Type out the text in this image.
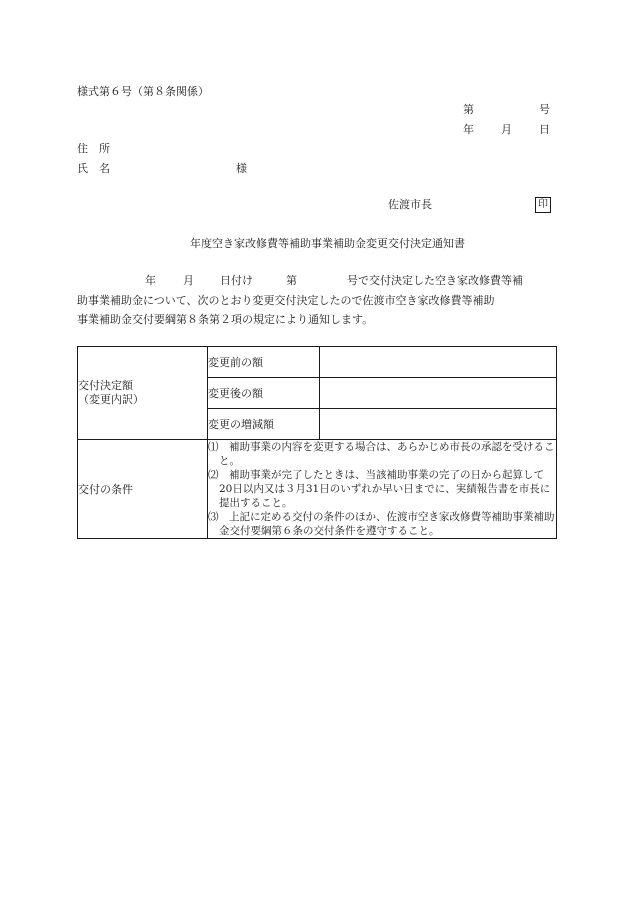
様式第６号（第８条関係）
第	号
年 月 日
住　所
氏　名	様
佐渡市長	印
年度空き家改修費等補助事業補助金変更交付決定通知書
年 月 日付け	第	号で交付決定した空き家改修費等補
助事業補助金について、次のとおり変更交付決定したので佐渡市空き家改修費等補助
事業補助金交付要綱第８条第２項の規定により通知します。
交付決定額
（変更内訳）	変更前の額	
	変更後の額	
	変更の増減額	
交付の条件	⑴　補助事業の内容を変更する場合は、あらかじめ市長の承認を受けること。
⑵　補助事業が完了したときは、当該補助事業の完了の日から起算して20日以内又は３月31日のいずれか早い日までに、実績報告書を市長に提出すること。
⑶　上記に定める交付の条件のほか、佐渡市空き家改修費等補助事業補助金交付要綱第６条の交付条件を遵守すること。	
